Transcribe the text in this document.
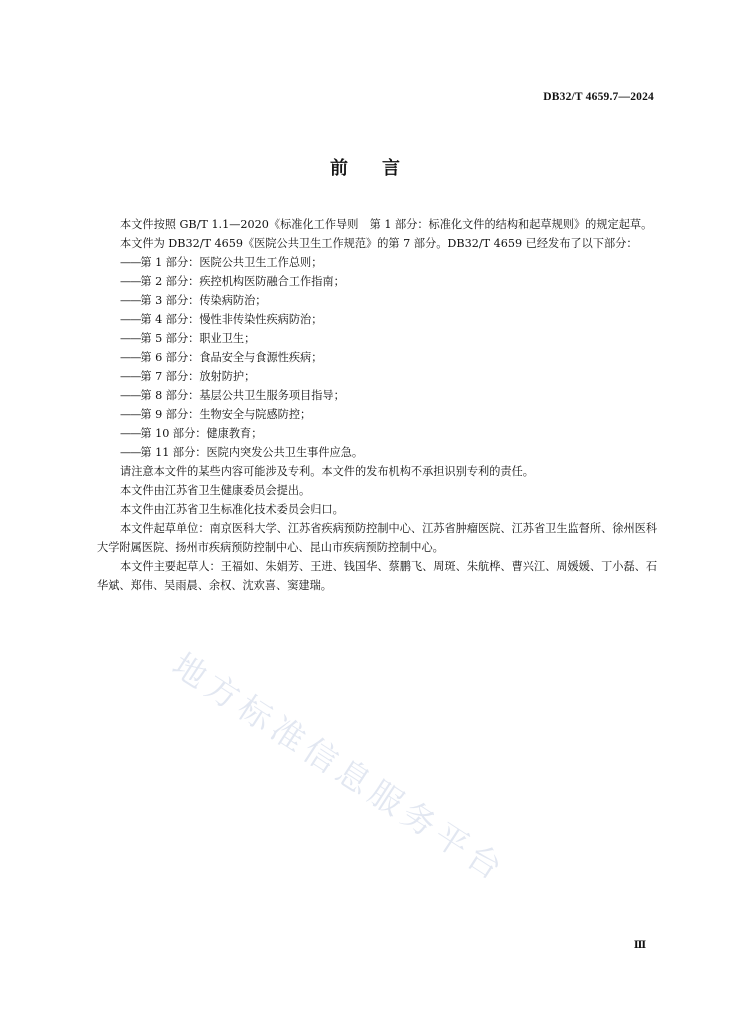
DB32/T 4659.7—2024
前 言

本文件按照 GB/T 1.1—2020《标准化工作导则　第 1 部分：标准化文件的结构和起草规则》的规定起草。

本文件为 DB32/T 4659《医院公共卫生工作规范》的第 7 部分。DB32/T 4659 已经发布了以下部分：

——第 1 部分：医院公共卫生工作总则；

——第 2 部分：疾控机构医防融合工作指南；

——第 3 部分：传染病防治；

——第 4 部分：慢性非传染性疾病防治；

——第 5 部分：职业卫生；

——第 6 部分：食品安全与食源性疾病；

——第 7 部分：放射防护；

——第 8 部分：基层公共卫生服务项目指导；

——第 9 部分：生物安全与院感防控；

——第 10 部分：健康教育；

——第 11 部分：医院内突发公共卫生事件应急。

请注意本文件的某些内容可能涉及专利。本文件的发布机构不承担识别专利的责任。

本文件由江苏省卫生健康委员会提出。

本文件由江苏省卫生标准化技术委员会归口。

本文件起草单位：南京医科大学、江苏省疾病预防控制中心、江苏省肿瘤医院、江苏省卫生监督所、徐州医科大学附属医院、扬州市疾病预防控制中心、昆山市疾病预防控制中心。

本文件主要起草人：王福如、朱娟芳、王进、钱国华、蔡鹏飞、周斑、朱航桦、曹兴江、周媛媛、丁小磊、石华斌、郑伟、吴雨晨、余权、沈欢喜、窦建瑞。

地方标准信息服务平台
Ⅲ
